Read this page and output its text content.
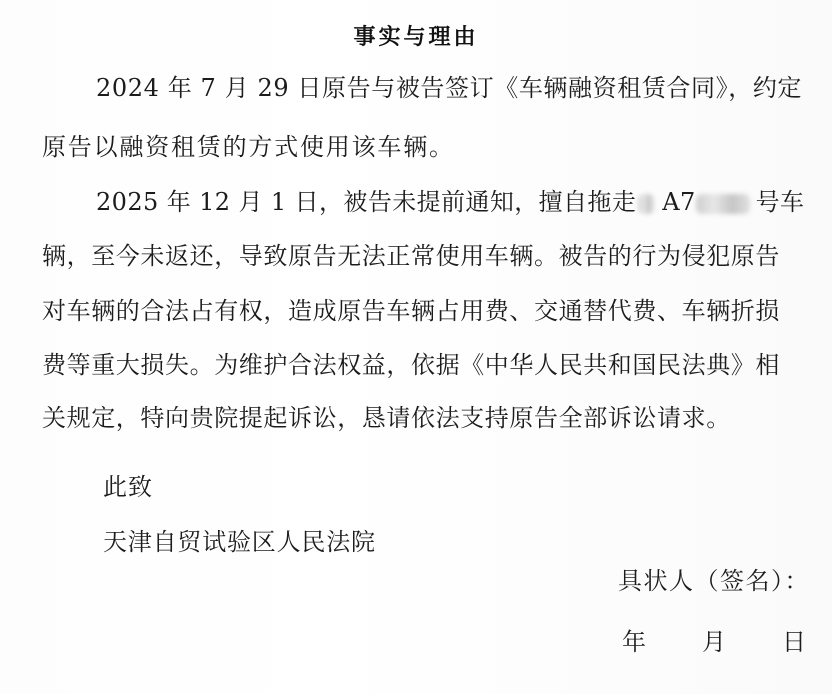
事实与理由
2024 年 7 月 29 日原告与被告签订《车辆融资租赁合同》，约定
原告以融资租赁的方式使用该车辆。
2025 年 12 月 1 日，被告未提前通知，擅自拖走 A7	号车
辆，至今未返还，导致原告无法正常使用车辆。被告的行为侵犯原告
对车辆的合法占有权，造成原告车辆占用费、交通替代费、车辆折损
费等重大损失。为维护合法权益，依据《中华人民共和国民法典》相
关规定，特向贵院提起诉讼，恳请依法支持原告全部诉讼请求。
此致
天津自贸试验区人民法院
具状人（签名）：
年 月 日
